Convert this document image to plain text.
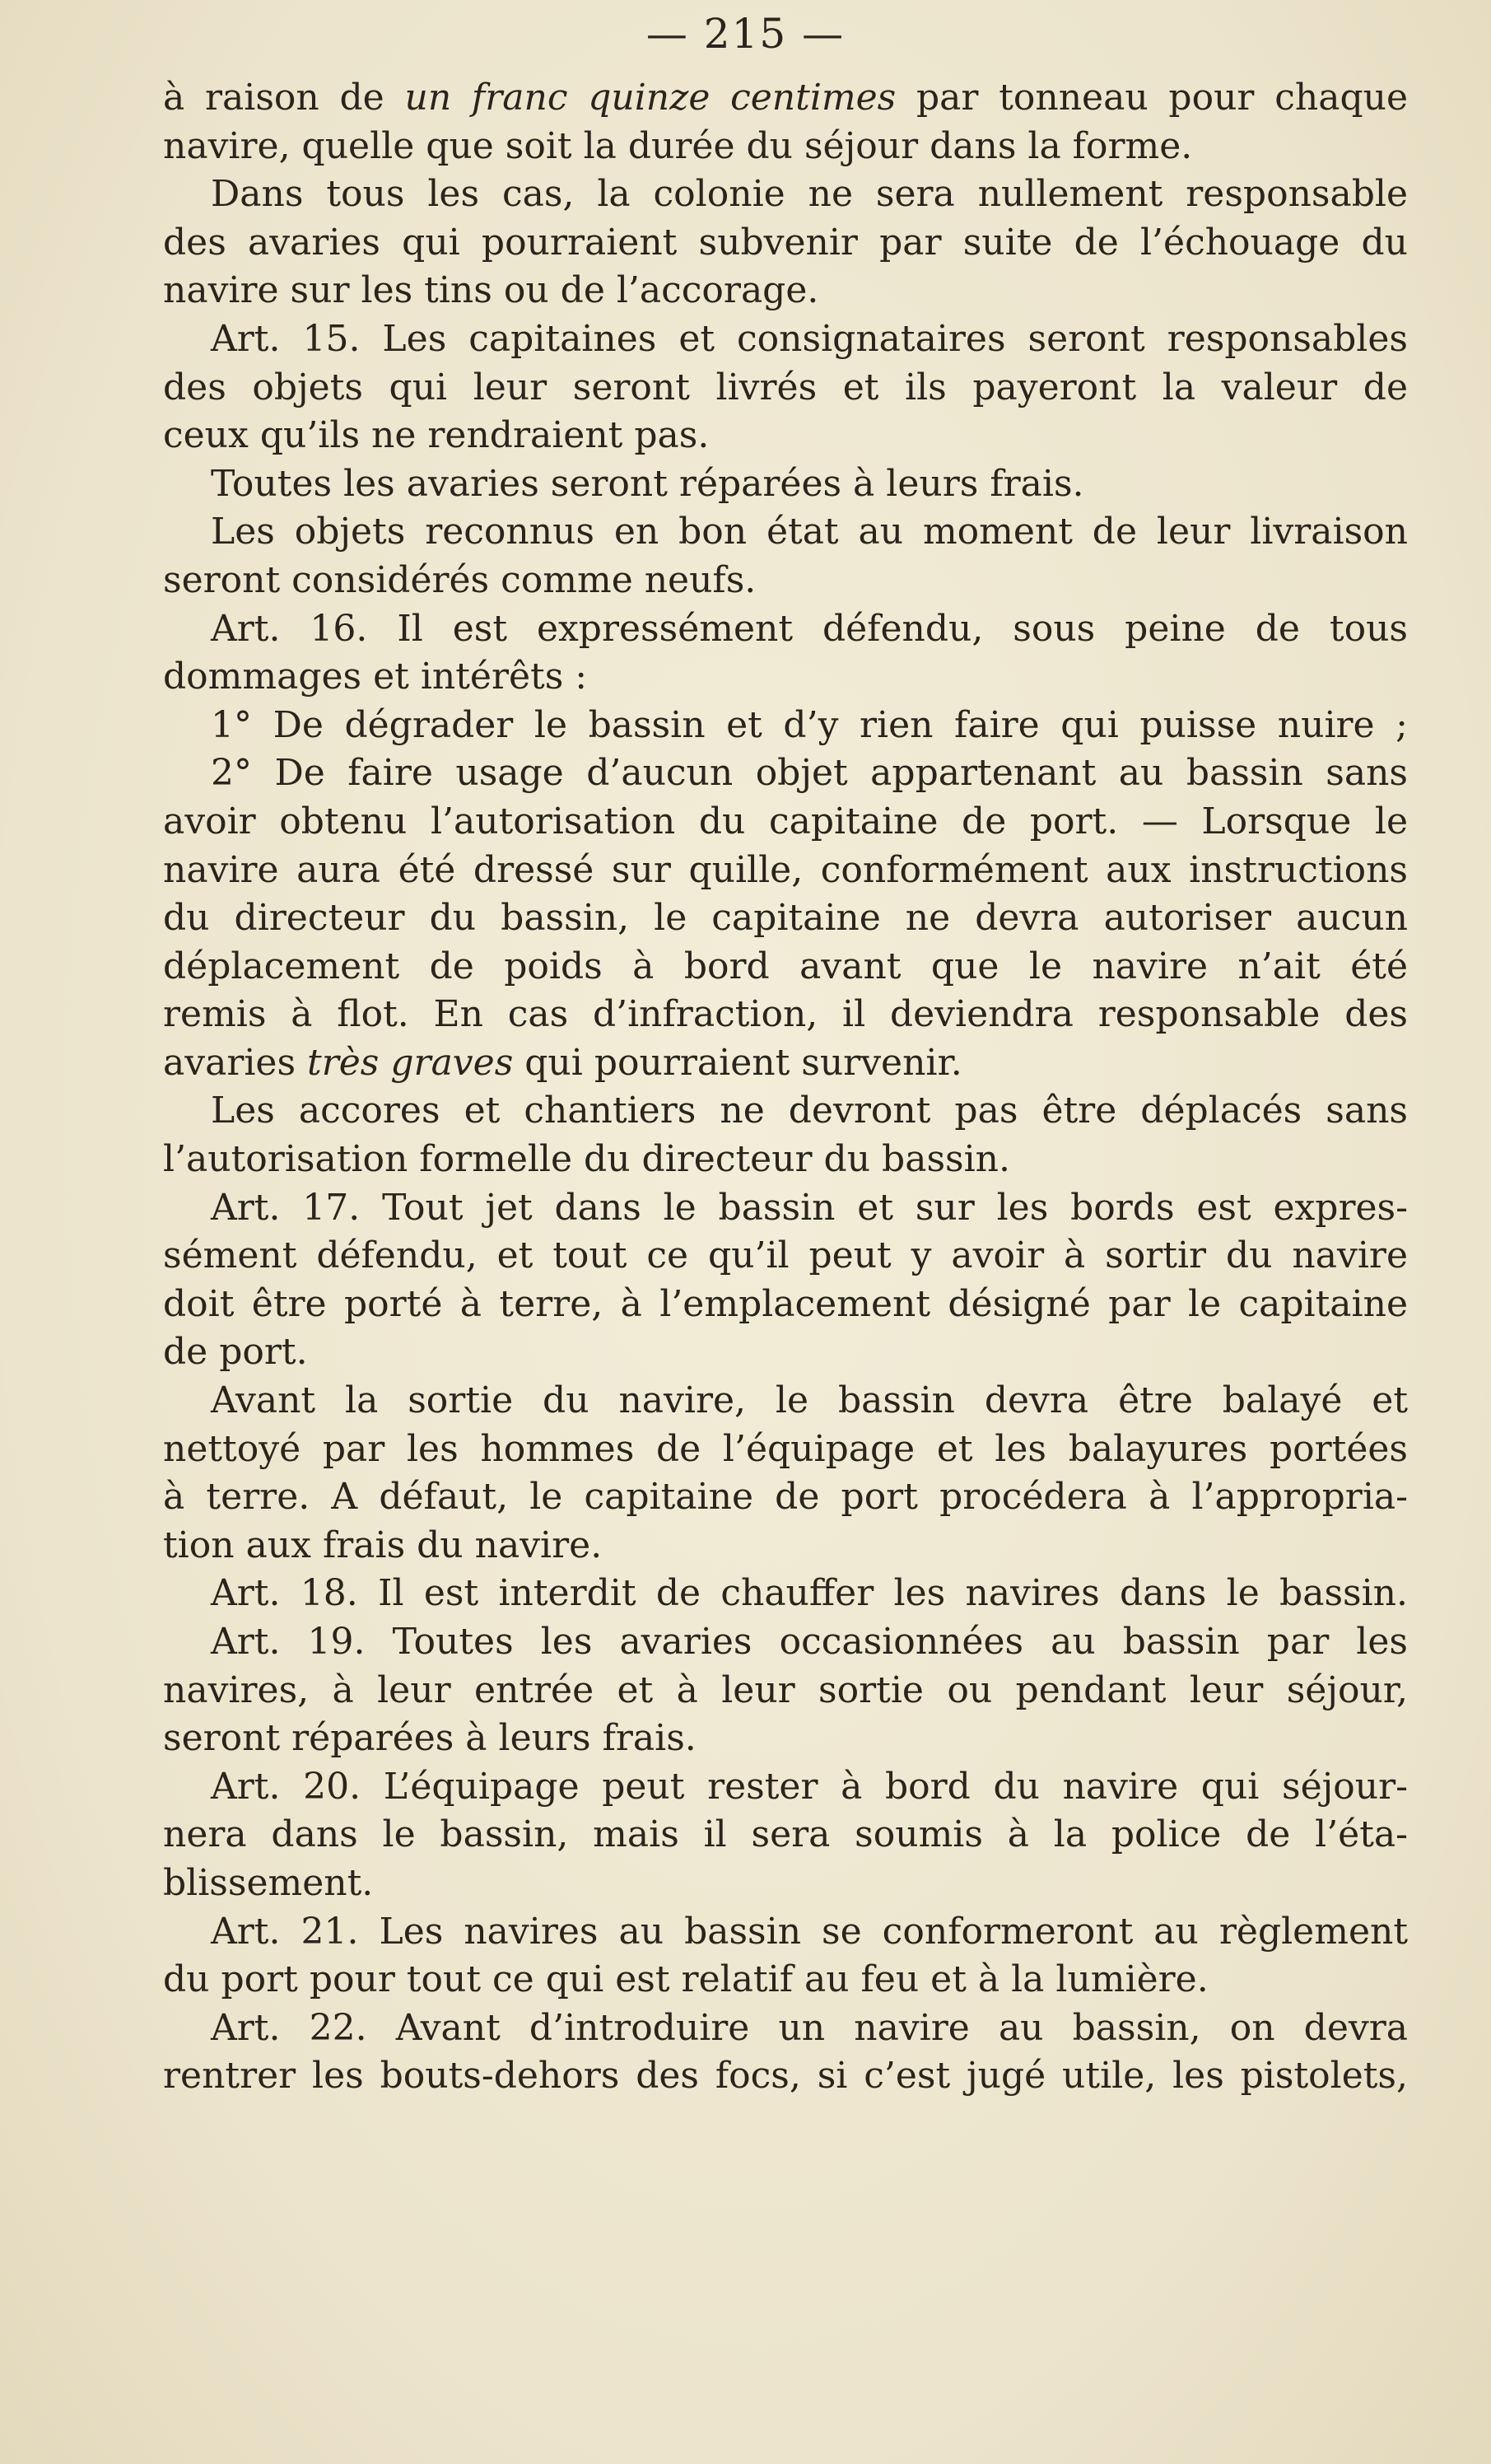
— 215 —
à raison de un franc quinze centimes par tonneau pour chaque
navire, quelle que soit la durée du séjour dans la forme.
Dans tous les cas, la colonie ne sera nullement responsable
des avaries qui pourraient subvenir par suite de l’échouage du
navire sur les tins ou de l’accorage.
Art. 15. Les capitaines et consignataires seront responsables
des objets qui leur seront livrés et ils payeront la valeur de
ceux qu’ils ne rendraient pas.
Toutes les avaries seront réparées à leurs frais.
Les objets reconnus en bon état au moment de leur livraison
seront considérés comme neufs.
Art. 16. Il est expressément défendu, sous peine de tous
dommages et intérêts :
1° De dégrader le bassin et d’y rien faire qui puisse nuire ;
2° De faire usage d’aucun objet appartenant au bassin sans
avoir obtenu l’autorisation du capitaine de port. — Lorsque le
navire aura été dressé sur quille, conformément aux instructions
du directeur du bassin, le capitaine ne devra autoriser aucun
déplacement de poids à bord avant que le navire n’ait été
remis à flot. En cas d’infraction, il deviendra responsable des
avaries très graves qui pourraient survenir.
Les accores et chantiers ne devront pas être déplacés sans
l’autorisation formelle du directeur du bassin.
Art. 17. Tout jet dans le bassin et sur les bords est expres-
sément défendu, et tout ce qu’il peut y avoir à sortir du navire
doit être porté à terre, à l’emplacement désigné par le capitaine
de port.
Avant la sortie du navire, le bassin devra être balayé et
nettoyé par les hommes de l’équipage et les balayures portées
à terre. A défaut, le capitaine de port procédera à l’appropria-
tion aux frais du navire.
Art. 18. Il est interdit de chauffer les navires dans le bassin.
Art. 19. Toutes les avaries occasionnées au bassin par les
navires, à leur entrée et à leur sortie ou pendant leur séjour,
seront réparées à leurs frais.
Art. 20. L’équipage peut rester à bord du navire qui séjour-
nera dans le bassin, mais il sera soumis à la police de l’éta-
blissement.
Art. 21. Les navires au bassin se conformeront au règlement
du port pour tout ce qui est relatif au feu et à la lumière.
Art. 22. Avant d’introduire un navire au bassin, on devra
rentrer les bouts-dehors des focs, si c’est jugé utile, les pistolets,
